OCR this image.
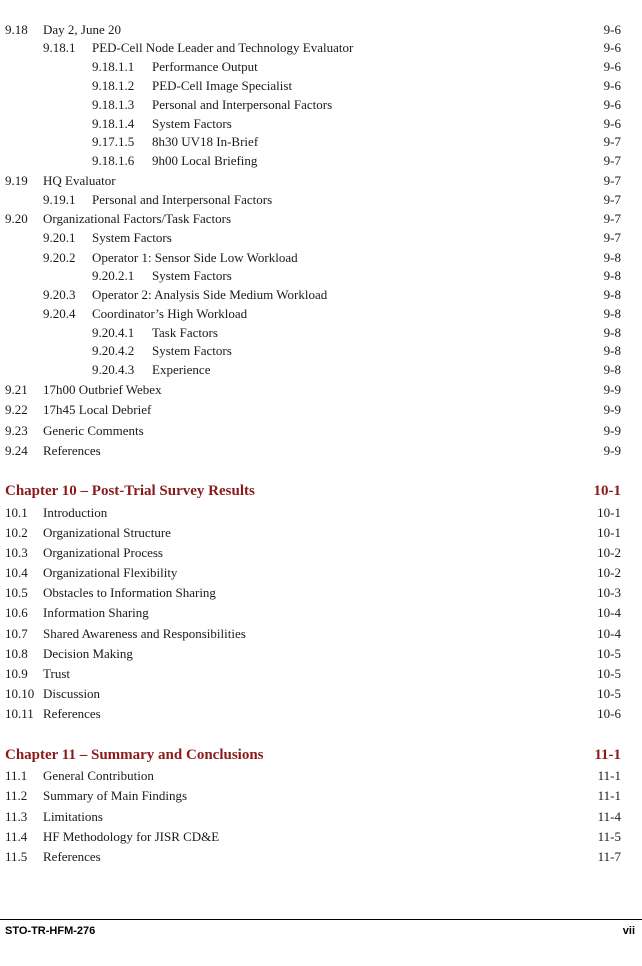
9.18 Day 2, June 20	9-6
9.18.1 PED-Cell Node Leader and Technology Evaluator	9-6
9.18.1.1 Performance Output	9-6
9.18.1.2 PED-Cell Image Specialist	9-6
9.18.1.3 Personal and Interpersonal Factors	9-6
9.18.1.4 System Factors	9-6
9.17.1.5 8h30 UV18 In-Brief	9-7
9.18.1.6 9h00 Local Briefing	9-7
9.19 HQ Evaluator	9-7
9.19.1 Personal and Interpersonal Factors	9-7
9.20 Organizational Factors/Task Factors	9-7
9.20.1 System Factors	9-7
9.20.2 Operator 1: Sensor Side Low Workload	9-8
9.20.2.1 System Factors	9-8
9.20.3 Operator 2: Analysis Side Medium Workload	9-8
9.20.4 Coordinator’s High Workload	9-8
9.20.4.1 Task Factors	9-8
9.20.4.2 System Factors	9-8
9.20.4.3 Experience	9-8
9.21 17h00 Outbrief Webex	9-9
9.22 17h45 Local Debrief	9-9
9.23 Generic Comments	9-9
9.24 References	9-9
Chapter 10 – Post-Trial Survey Results	10-1
10.1 Introduction	10-1
10.2 Organizational Structure	10-1
10.3 Organizational Process	10-2
10.4 Organizational Flexibility	10-2
10.5 Obstacles to Information Sharing	10-3
10.6 Information Sharing	10-4
10.7 Shared Awareness and Responsibilities	10-4
10.8 Decision Making	10-5
10.9 Trust	10-5
10.10 Discussion	10-5
10.11 References	10-6
Chapter 11 – Summary and Conclusions	11-1
11.1 General Contribution	11-1
11.2 Summary of Main Findings	11-1
11.3 Limitations	11-4
11.4 HF Methodology for JISR CD&E	11-5
11.5 References	11-7
STO-TR-HFM-276	vii
